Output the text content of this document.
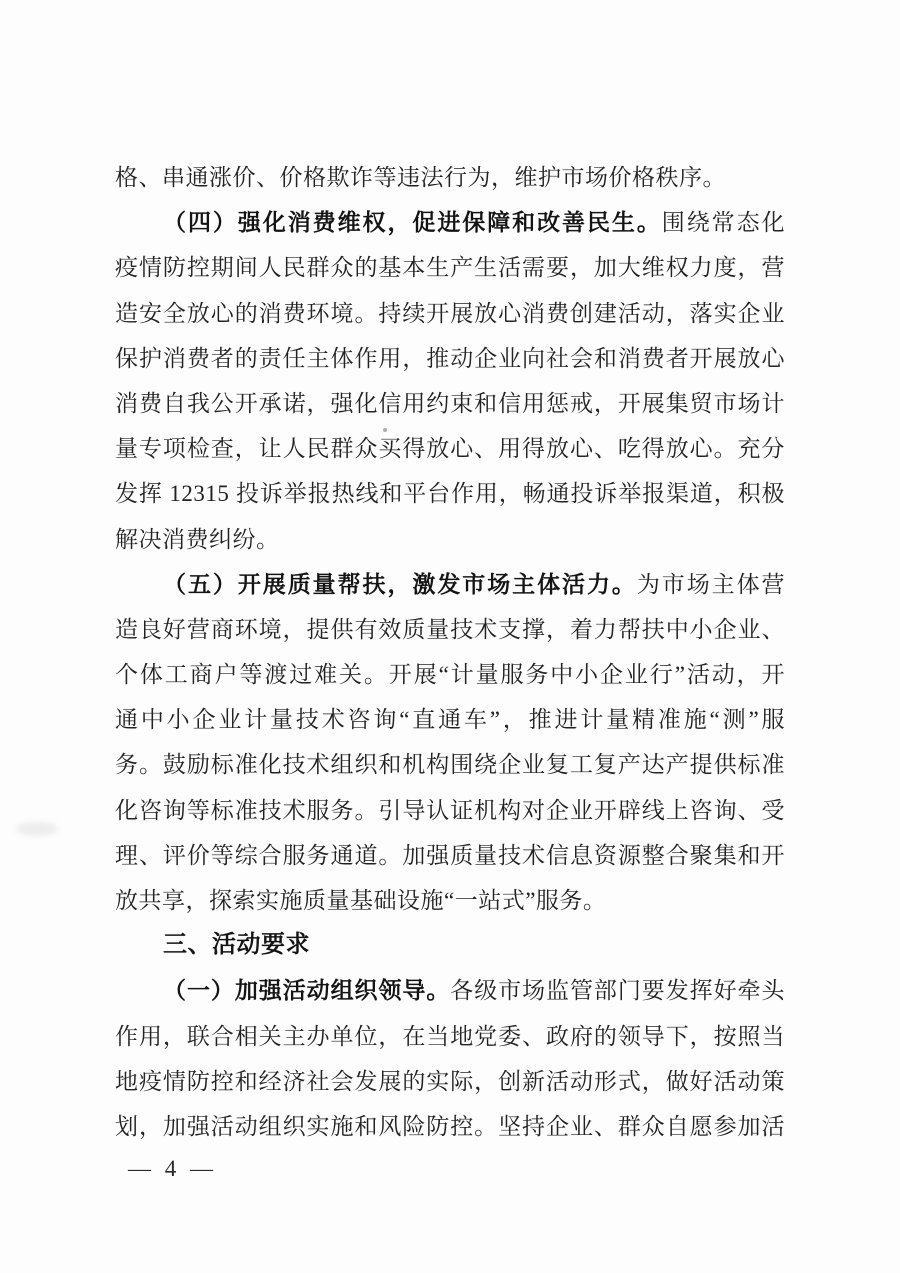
格、串通涨价、价格欺诈等违法行为，维护市场价格秩序。

（四）强化消费维权，促进保障和改善民生。围绕常态化

疫情防控期间人民群众的基本生产生活需要，加大维权力度，营

造安全放心的消费环境。持续开展放心消费创建活动，落实企业

保护消费者的责任主体作用，推动企业向社会和消费者开展放心

消费自我公开承诺，强化信用约束和信用惩戒，开展集贸市场计

量专项检查，让人民群众买得放心、用得放心、吃得放心。充分

发挥 12315 投诉举报热线和平台作用，畅通投诉举报渠道，积极

解决消费纠纷。

（五）开展质量帮扶，激发市场主体活力。为市场主体营

造良好营商环境，提供有效质量技术支撑，着力帮扶中小企业、

个体工商户等渡过难关。开展“计量服务中小企业行”活动，开

通中小企业计量技术咨询“直通车”，推进计量精准施“测”服

务。鼓励标准化技术组织和机构围绕企业复工复产达产提供标准

化咨询等标准技术服务。引导认证机构对企业开辟线上咨询、受

理、评价等综合服务通道。加强质量技术信息资源整合聚集和开

放共享，探索实施质量基础设施“一站式”服务。

三、活动要求

（一）加强活动组织领导。各级市场监管部门要发挥好牵头

作用，联合相关主办单位，在当地党委、政府的领导下，按照当

地疫情防控和经济社会发展的实际，创新活动形式，做好活动策

划，加强活动组织实施和风险防控。坚持企业、群众自愿参加活

— 4 —
